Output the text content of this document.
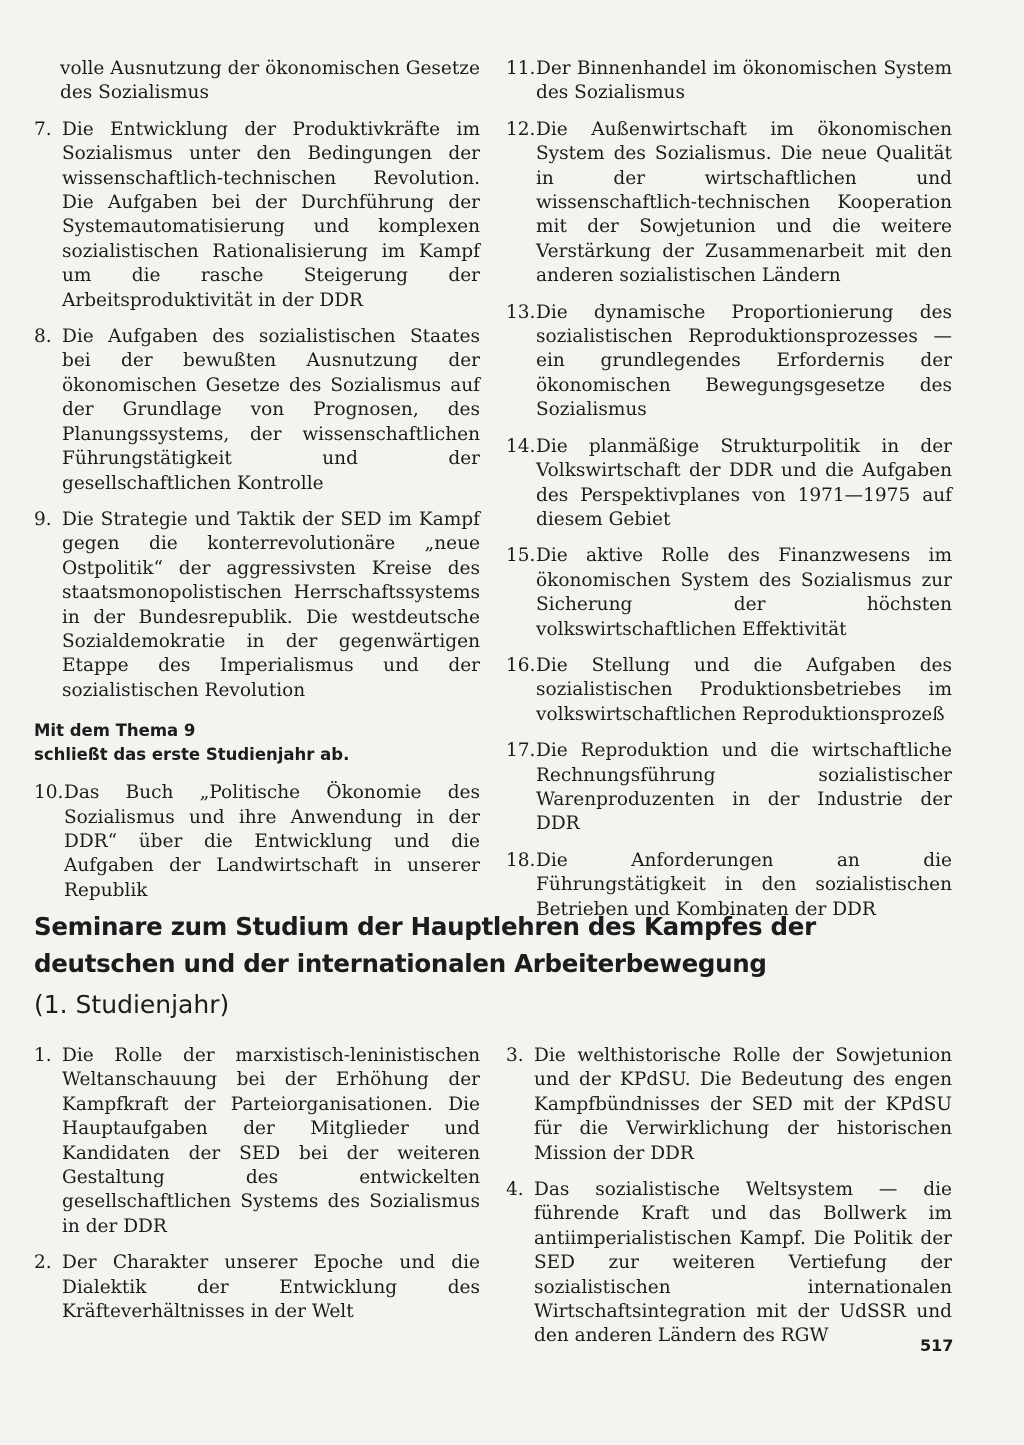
volle Ausnutzung der ökonomischen Gesetze des Sozialismus
7. Die Entwicklung der Produktivkräfte im Sozialismus unter den Bedingungen der wissenschaftlich-technischen Revolution. Die Aufgaben bei der Durchführung der Systemautomatisierung und komplexen sozialistischen Rationalisierung im Kampf um die rasche Steigerung der Arbeitsproduktivität in der DDR
8. Die Aufgaben des sozialistischen Staates bei der bewußten Ausnutzung der ökonomischen Gesetze des Sozialismus auf der Grundlage von Prognosen, des Planungssystems, der wissenschaftlichen Führungstätigkeit und der gesellschaftlichen Kontrolle
9. Die Strategie und Taktik der SED im Kampf gegen die konterrevolutionäre „neue Ostpolitik“ der aggressivsten Kreise des staatsmonopolistischen Herrschaftssystems in der Bundesrepublik. Die westdeutsche Sozialdemokratie in der gegenwärtigen Etappe des Imperialismus und der sozialistischen Revolution
Mit dem Thema 9
schließt das erste Studienjahr ab.
10. Das Buch „Politische Ökonomie des Sozialismus und ihre Anwendung in der DDR“ über die Entwicklung und die Aufgaben der Landwirtschaft in unserer Republik
11. Der Binnenhandel im ökonomischen System des Sozialismus
12. Die Außenwirtschaft im ökonomischen System des Sozialismus. Die neue Qualität in der wirtschaftlichen und wissenschaftlich-technischen Kooperation mit der Sowjetunion und die weitere Verstärkung der Zusammenarbeit mit den anderen sozialistischen Ländern
13. Die dynamische Proportionierung des sozialistischen Reproduktionsprozesses — ein grundlegendes Erfordernis der ökonomischen Bewegungsgesetze des Sozialismus
14. Die planmäßige Strukturpolitik in der Volkswirtschaft der DDR und die Aufgaben des Perspektivplanes von 1971—1975 auf diesem Gebiet
15. Die aktive Rolle des Finanzwesens im ökonomischen System des Sozialismus zur Sicherung der höchsten volkswirtschaftlichen Effektivität
16. Die Stellung und die Aufgaben des sozialistischen Produktionsbetriebes im volkswirtschaftlichen Reproduktionsprozeß
17. Die Reproduktion und die wirtschaftliche Rechnungsführung sozialistischer Warenproduzenten in der Industrie der DDR
18. Die Anforderungen an die Führungstätigkeit in den sozialistischen Betrieben und Kombinaten der DDR
Seminare zum Studium der Hauptlehren des Kampfes der deutschen und der internationalen Arbeiterbewegung
(1. Studienjahr)
1. Die Rolle der marxistisch-leninistischen Weltanschauung bei der Erhöhung der Kampfkraft der Parteiorganisationen. Die Hauptaufgaben der Mitglieder und Kandidaten der SED bei der weiteren Gestaltung des entwickelten gesellschaftlichen Systems des Sozialismus in der DDR
2. Der Charakter unserer Epoche und die Dialektik der Entwicklung des Kräfteverhältnisses in der Welt
3. Die welthistorische Rolle der Sowjetunion und der KPdSU. Die Bedeutung des engen Kampfbündnisses der SED mit der KPdSU für die Verwirklichung der historischen Mission der DDR
4. Das sozialistische Weltsystem — die führende Kraft und das Bollwerk im antiimperialistischen Kampf. Die Politik der SED zur weiteren Vertiefung der sozialistischen internationalen Wirtschaftsintegration mit der UdSSR und den anderen Ländern des RGW	517
